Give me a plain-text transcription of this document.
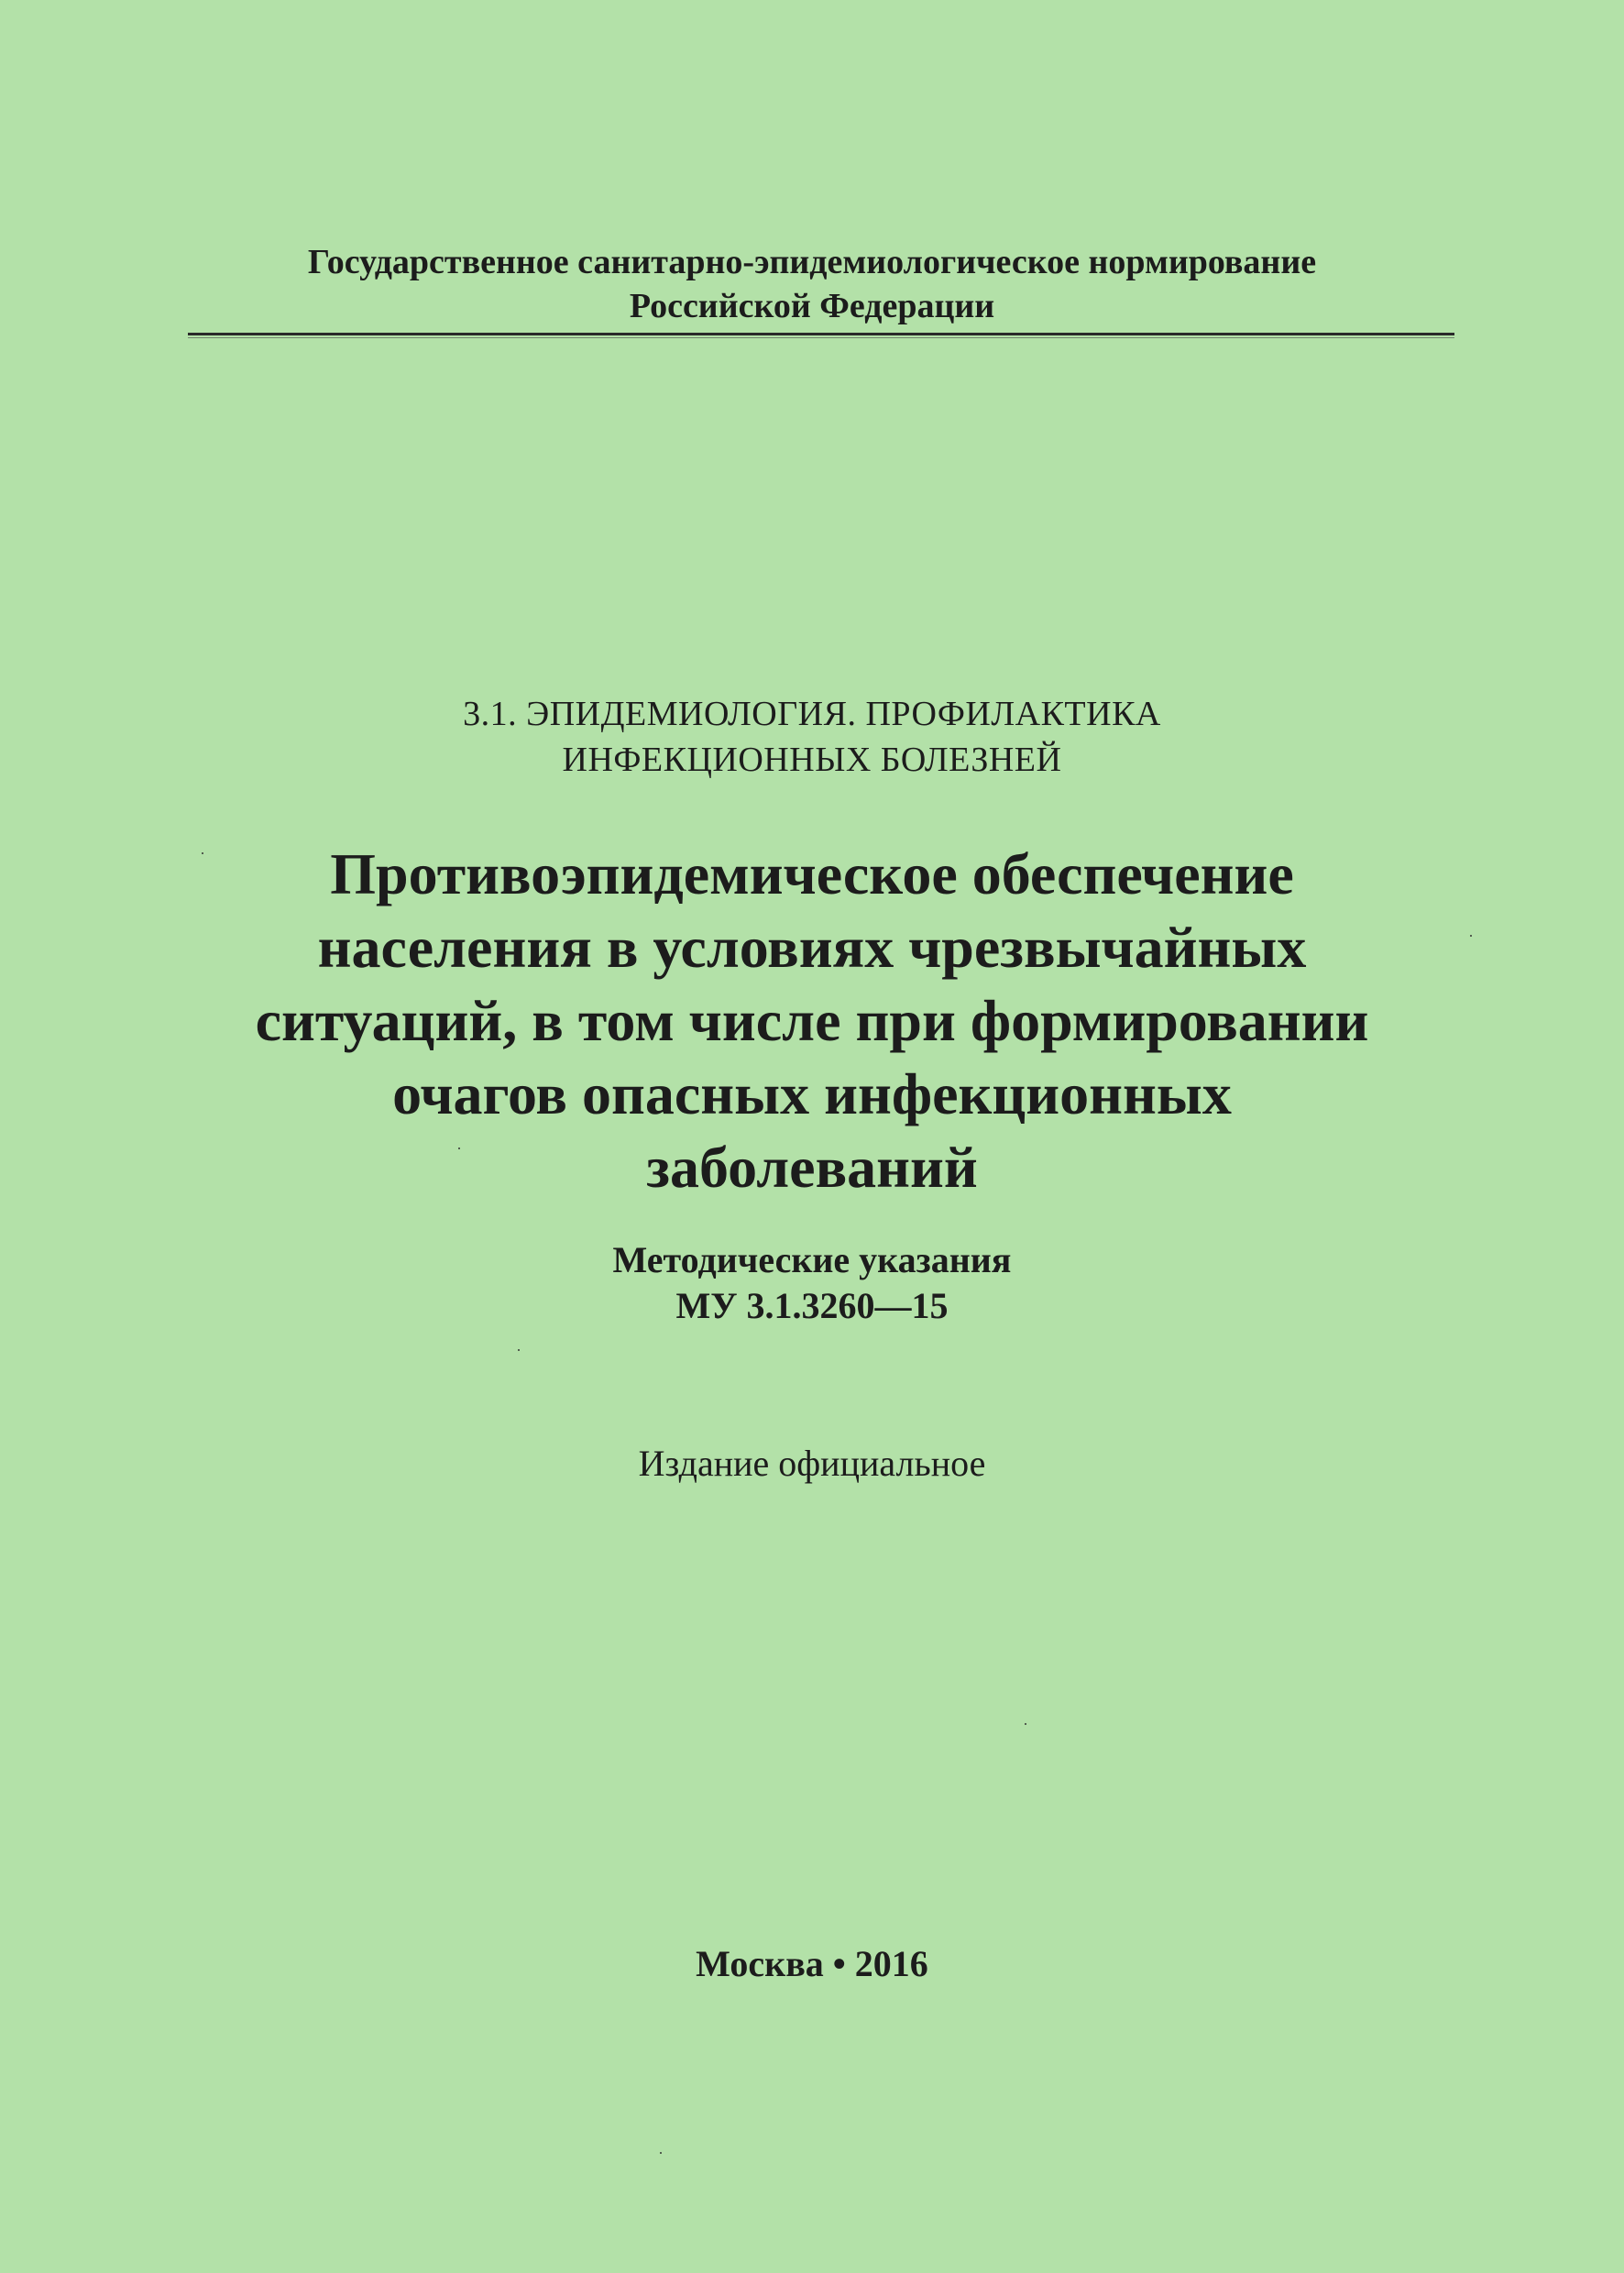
Государственное санитарно-эпидемиологическое нормирование
Российской Федерации
3.1. ЭПИДЕМИОЛОГИЯ. ПРОФИЛАКТИКА
ИНФЕКЦИОННЫХ БОЛЕЗНЕЙ
Противоэпидемическое обеспечение
населения в условиях чрезвычайных
ситуаций, в том числе при формировании
очагов опасных инфекционных
заболеваний
Методические указания
МУ 3.1.3260—15
Издание официальное
Москва • 2016
